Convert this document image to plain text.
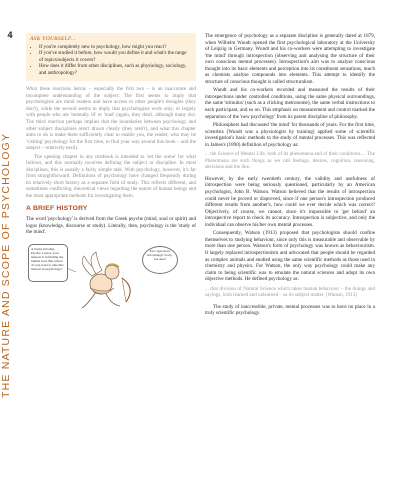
4
THE NATURE AND SCOPE OF PSYCHOLOGY
ASK YOURSELF...
• If you're completely new to psychology, how might you react?
• If you've studied it before, how would you define it and what's the range of topics/subjects it covers?
• How does it differ from other disciplines, such as physiology, sociology, and anthropology?

What these reactions betray – especially the first two – is an inaccurate and incomplete understanding of the subject. The first seems to imply that psychologists are mind readers and have access to other people's thoughts (they don't), while the second seems to imply that psychologists work only, or largely with people who are 'mentally ill' or 'mad' (again, they don't, although many do). The third reaction perhaps implies that the boundaries between psychology and other subject disciplines aren't drawn clearly (they aren't), and what this chapter aims to do is make them sufficiently clear to enable you, the reader, who may be 'visiting' psychology for the first time, to find your way around this book – and the subject – relatively easily.

The opening chapter in any textbook is intended to 'set the scene' for what follows, and this normally involves defining the subject or discipline. In most disciplines, this is usually a fairly simple task. With psychology, however, it's far from straightforward. Definitions of psychology have changed frequently during its relatively short history as a separate field of study. This reflects different, and sometimes conflicting, theoretical views regarding the nature of human beings and the most appropriate methods for investigating them.

A BRIEF HISTORY

The word 'psychology' is derived from the Greek psyche (mind, soul or spirit) and logos (knowledge, discourse or study). Literally, then, psychology is the 'study of the mind'.

A future in being, Psyche. I know your interest is in finding the human soul. But where do you want to take this interest in psychology?
Few ages more knowledge! Sorry, not sure!

The emergence of psychology as a separate discipline is generally dated at 1879, when Wilhelm Wundt opened the first psychological laboratory at the University of Leipzig in Germany. Wundt and his co-workers were attempting to investigate 'the mind' through introspection (observing and analysing the structure of their own conscious mental processes). Introspection's aim was to analyse conscious thought into its basic elements and perception into its constituent sensations, much as chemists analyse compounds into elements. This attempt to identify the structure of conscious thought is called structuralism.

Wundt and his co-workers recorded and measured the results of their introspections under controlled conditions, using the same physical surroundings, the same 'stimulus' (such as a clicking metronome), the same verbal instructions to each participant, and so on. This emphasis on measurement and control marked the separation of the 'new psychology' from its parent discipline of philosophy.

Philosophers had discussed 'the mind' for thousands of years. For the first time, scientists (Wundt was a physiologist by training) applied some of scientific investigation's basic methods to the study of mental processes. This was reflected in James's (1890) definition of psychology as:

... the Science of Mental Life, both of its phenomena and of their conditions ... The Phenomena are such things as we call feelings, desires, cognition, reasoning, decisions and the like.

However, by the early twentieth century, the validity and usefulness of introspection were being seriously questioned, particularly by an American psychologist, John B. Watson. Watson believed that the results of introspection could never be proved or disproved, since if one person's introspection produced different results from another's, how could we ever decide which was correct? Objectively, of course, we cannot, since it's impossible to 'get behind' an introspective report to check its accuracy. Introspection is subjective, and only the individual can observe his/her own mental processes.

Consequently, Watson (1913) proposed that psychologists should confine themselves to studying behaviour, since only this is measurable and observable by more than one person. Watson's form of psychology was known as behaviourism. It largely replaced introspectionism and advocated that people should be regarded as complex animals and studied using the same scientific methods as those used in chemistry and physics. For Watson, the only way psychology could make any claim to being scientific was to emulate the natural sciences and adopt its own objective methods. He defined psychology as:

... that division of Natural Science which takes human behaviour – the doings and sayings, both learned and unlearned – as its subject matter. (Watson, 1913)

The study of inaccessible, private, mental processes was to have no place in a truly scientific psychology.
